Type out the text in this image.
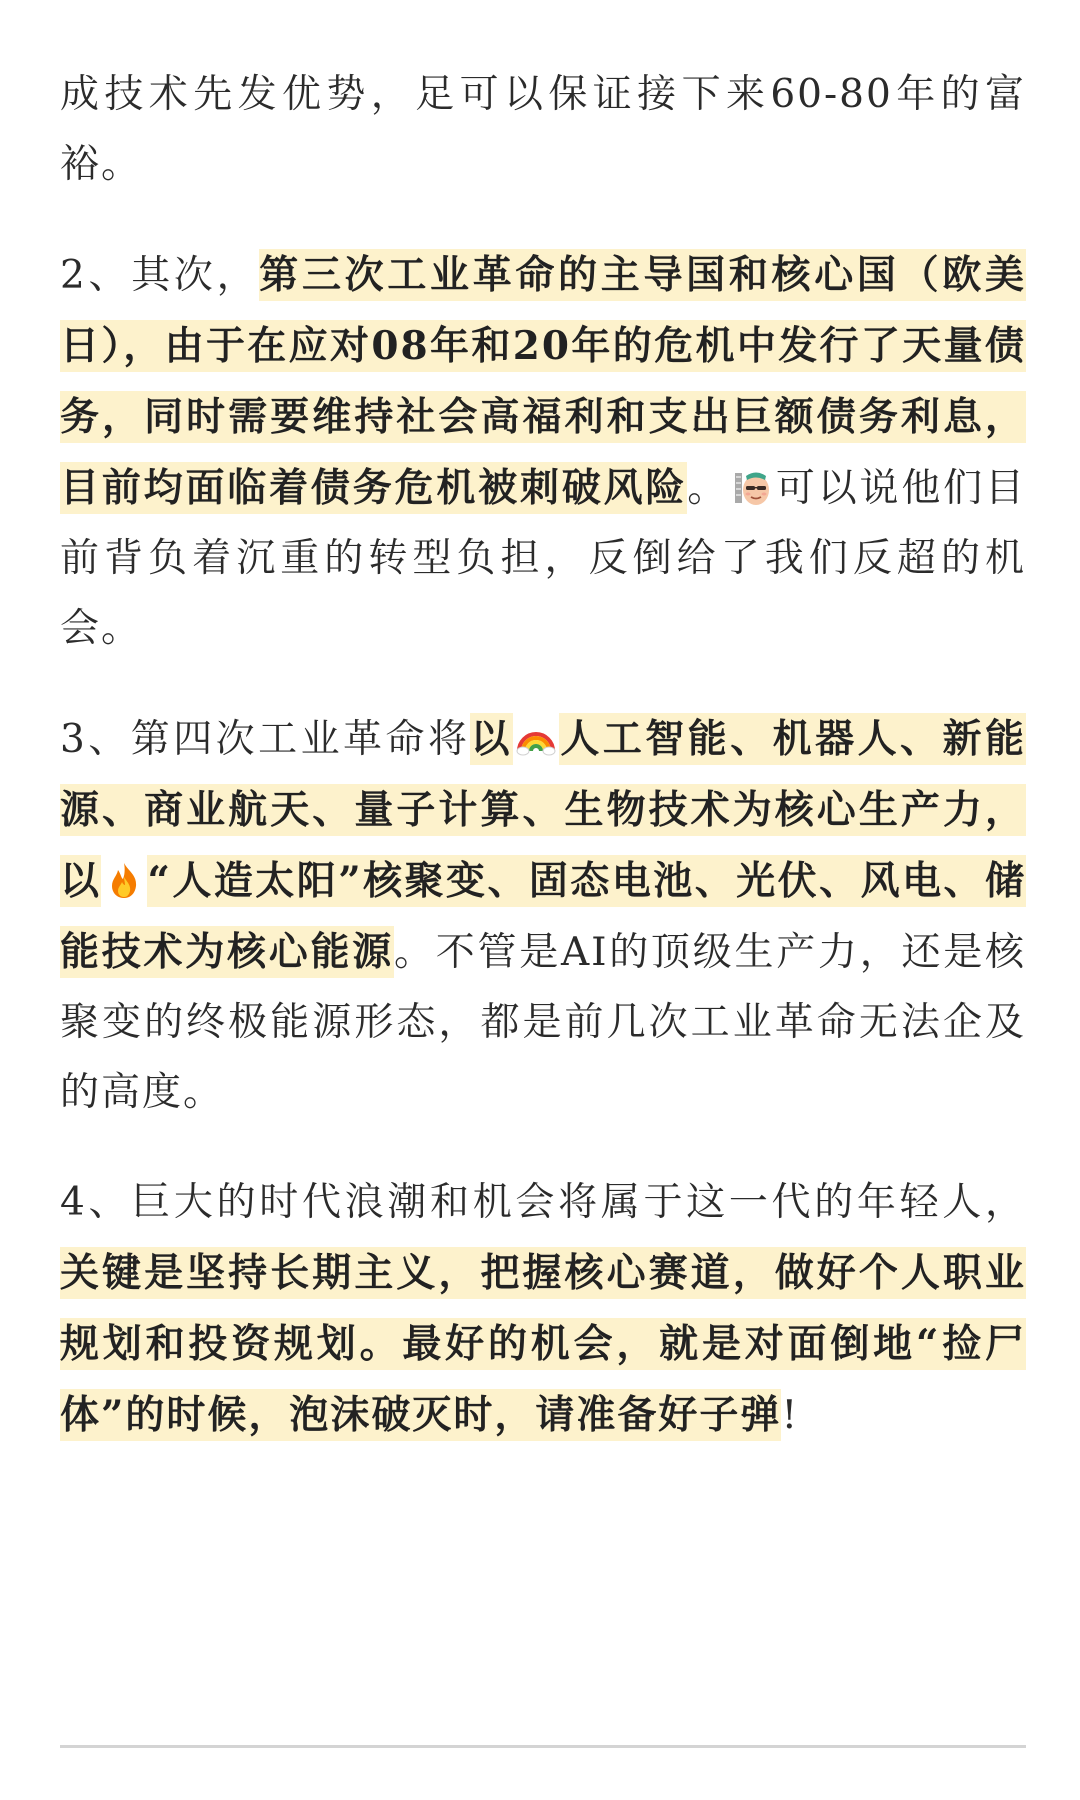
成技术先发优势，足可以保证接下来60-80年的富裕。

2、其次，第三次工业革命的主导国和核心国（欧美日），由于在应对08年和20年的危机中发行了天量债务，同时需要维持社会高福利和支出巨额债务利息，目前均面临着债务危机被刺破风险。 可以说他们目前背负着沉重的转型负担，反倒给了我们反超的机会。

3、第四次工业革命将以 人工智能、机器人、新能源、商业航天、量子计算、生物技术为核心生产力，以 “人造太阳”核聚变、固态电池、光伏、风电、储能技术为核心能源。不管是AI的顶级生产力，还是核聚变的终极能源形态，都是前几次工业革命无法企及的高度。

4、巨大的时代浪潮和机会将属于这一代的年轻人，关键是坚持长期主义，把握核心赛道，做好个人职业规划和投资规划。最好的机会，就是对面倒地“捡尸体”的时候，泡沫破灭时，请准备好子弹!
